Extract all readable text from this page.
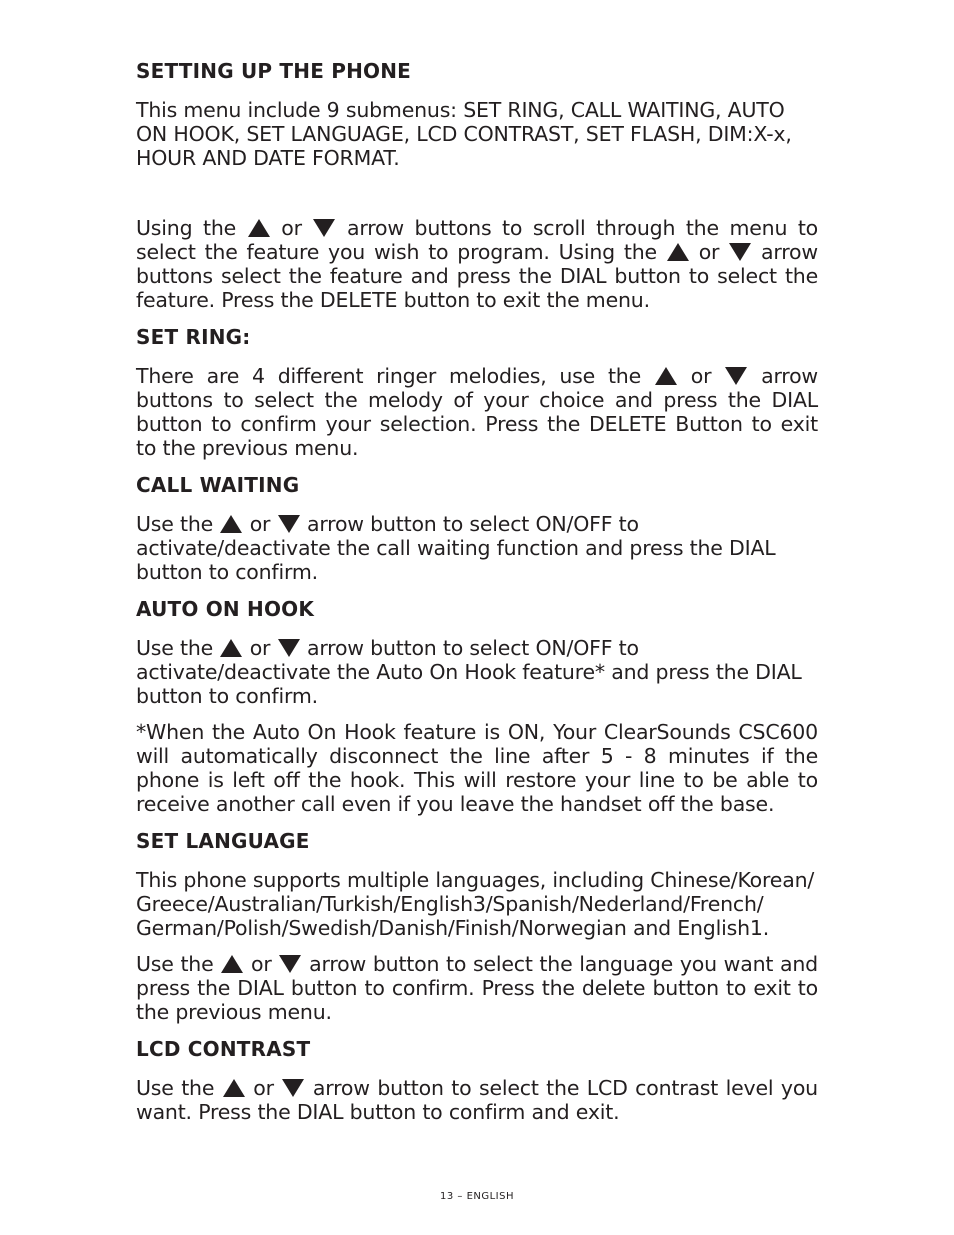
SETTING UP THE PHONE

This menu include 9 submenus: SET RING, CALL WAITING, AUTO ON HOOK, SET LANGUAGE, LCD CONTRAST, SET FLASH, DIM:X-x, HOUR AND DATE FORMAT.

Using the or arrow buttons to scroll through the menu to select the feature you wish to program. Using the or arrow buttons select the feature and press the DIAL button to select the feature. Press the DELETE button to exit the menu.

SET RING:

There are 4 different ringer melodies, use the or arrow buttons to select the melody of your choice and press the DIAL button to confirm your selection. Press the DELETE Button to exit to the previous menu.

CALL WAITING

Use the or arrow button to select ON/OFF to activate/deactivate the call waiting function and press the DIAL button to confirm.

AUTO ON HOOK

Use the or arrow button to select ON/OFF to activate/deactivate the Auto On Hook feature* and press the DIAL button to confirm.

*When the Auto On Hook feature is ON, Your ClearSounds CSC600 will automatically disconnect the line after 5 - 8 minutes if the phone is left off the hook. This will restore your line to be able to receive another call even if you leave the handset off the base.

SET LANGUAGE

This phone supports multiple languages, including Chinese/Korean/ Greece/Australian/Turkish/English3/Spanish/Nederland/French/ German/Polish/Swedish/Danish/Finish/Norwegian and English1.

Use the or arrow button to select the language you want and press the DIAL button to confirm. Press the delete button to exit to the previous menu.

LCD CONTRAST

Use the or arrow button to select the LCD contrast level you want. Press the DIAL button to confirm and exit.

13 – ENGLISH
